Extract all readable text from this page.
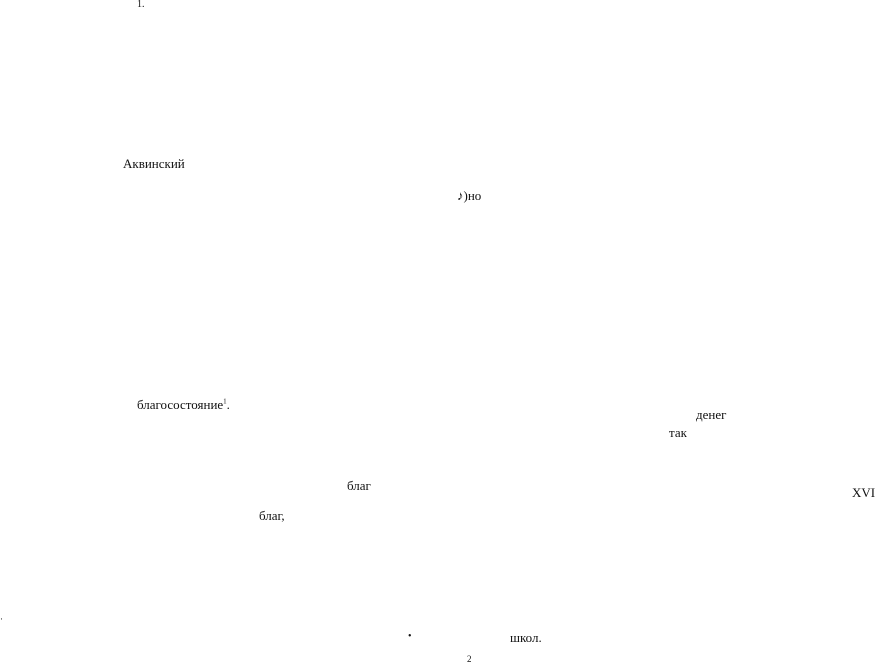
1.
Аквинский
♪)но
благосостояние$^1$.
денег
так
благ	XVI
благ,
·
•	школ.
2
